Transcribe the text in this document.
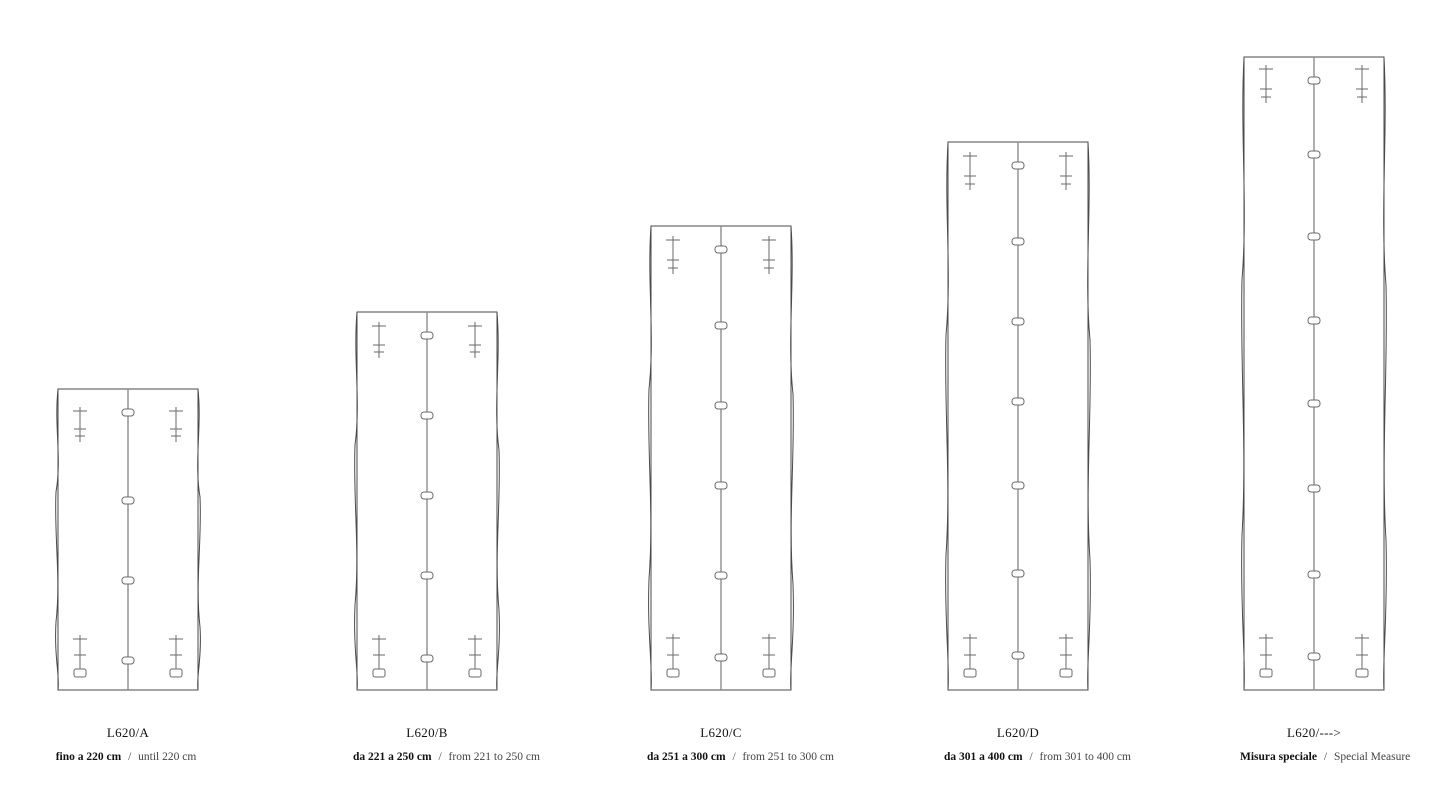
L620/A
fino a 220 cm / until 220 cm
L620/B
da 221 a 250 cm / from 221 to 250 cm
L620/C
da 251 a 300 cm / from 251 to 300 cm
L620/D
da 301 a 400 cm / from 301 to 400 cm
L620/--->
Misura speciale / Special Measure
